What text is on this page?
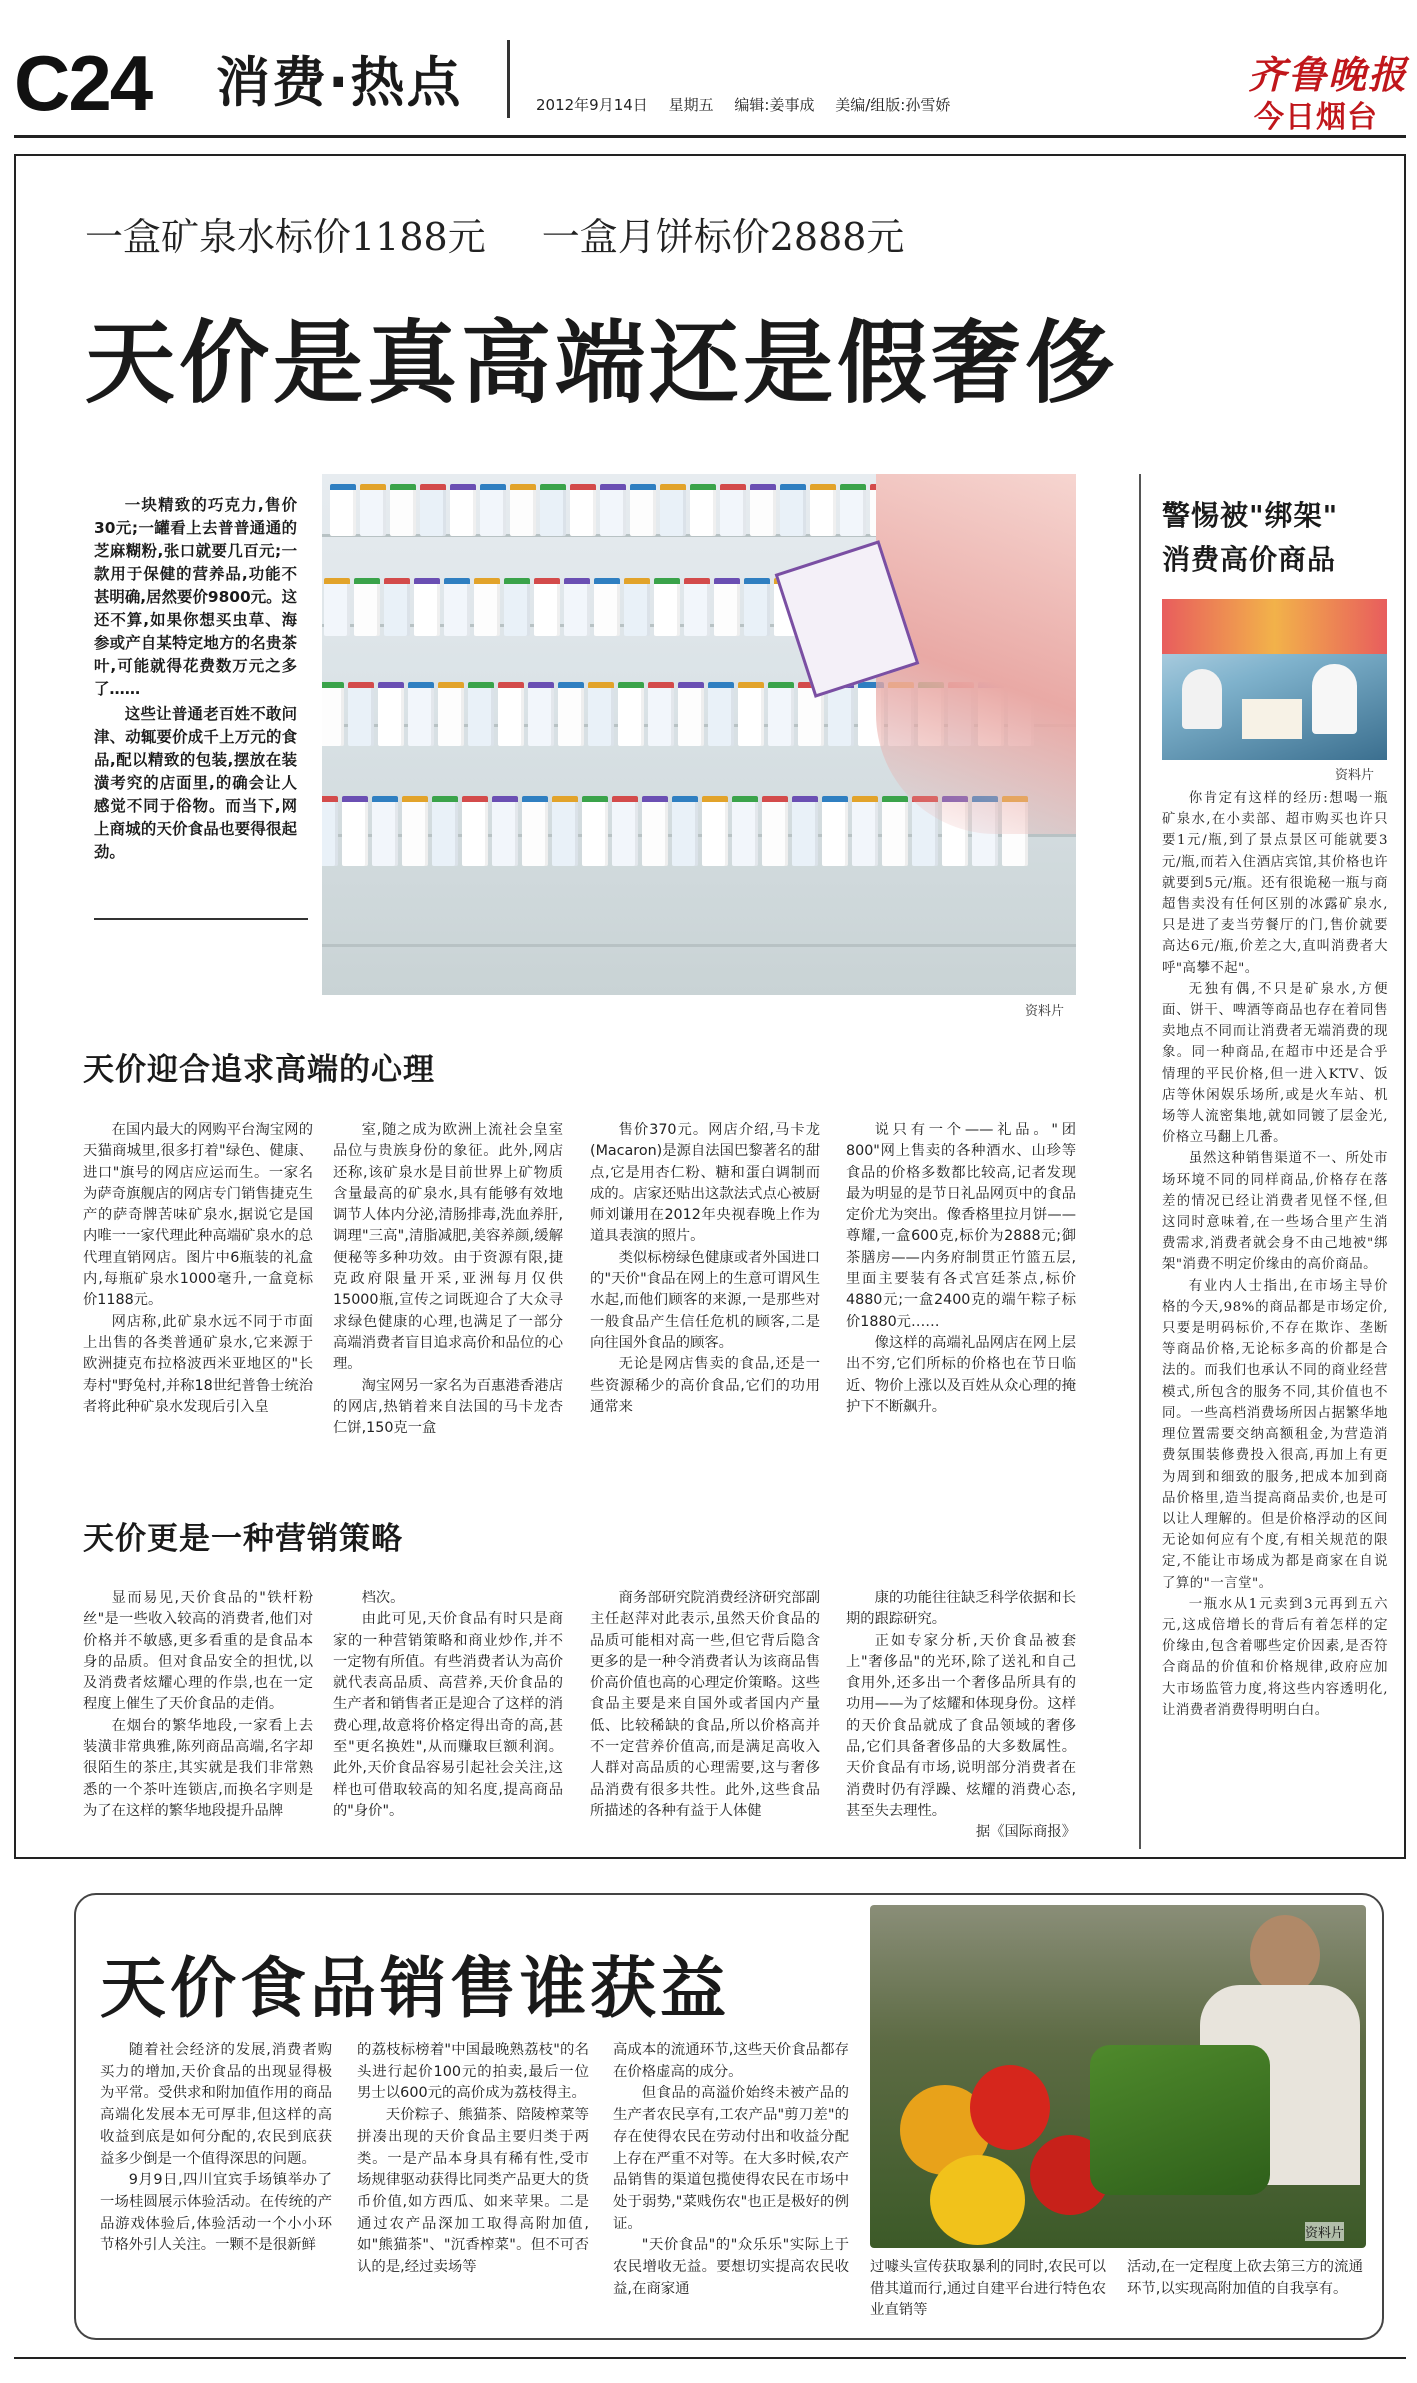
C24 消费·热点	2012年9月14日 星期五 编辑:姜事成 美编/组版:孙雪娇
齐鲁晚报
今日烟台
一盒矿泉水标价1188元 一盒月饼标价2888元
天价是真高端还是假奢侈

一块精致的巧克力,售价30元;一罐看上去普普通通的芝麻糊粉,张口就要几百元;一款用于保健的营养品,功能不甚明确,居然要价9800元。这还不算,如果你想买虫草、海参或产自某特定地方的名贵茶叶,可能就得花费数万元之多了……

这些让普通老百姓不敢问津、动辄要价成千上万元的食品,配以精致的包装,摆放在装潢考究的店面里,的确会让人感觉不同于俗物。而当下,网上商城的天价食品也要得很起劲。

资料片
天价迎合追求高端的心理

在国内最大的网购平台淘宝网的天猫商城里,很多打着"绿色、健康、进口"旗号的网店应运而生。一家名为萨奇旗舰店的网店专门销售捷克生产的萨奇牌苦味矿泉水,据说它是国内唯一一家代理此种高端矿泉水的总代理直销网店。图片中6瓶装的礼盒内,每瓶矿泉水1000毫升,一盒竟标价1188元。

网店称,此矿泉水远不同于市面上出售的各类普通矿泉水,它来源于欧洲捷克布拉格波西米亚地区的"长寿村"野兔村,并称18世纪普鲁士统治者将此种矿泉水发现后引入皇

室,随之成为欧洲上流社会皇室品位与贵族身份的象征。此外,网店还称,该矿泉水是目前世界上矿物质含量最高的矿泉水,具有能够有效地调节人体内分泌,清肠排毒,洗血养肝,调理"三高",清脂减肥,美容养颜,缓解便秘等多种功效。由于资源有限,捷克政府限量开采,亚洲每月仅供15000瓶,宣传之词既迎合了大众寻求绿色健康的心理,也满足了一部分高端消费者盲目追求高价和品位的心理。

淘宝网另一家名为百惠港香港店的网店,热销着来自法国的马卡龙杏仁饼,150克一盒

售价370元。网店介绍,马卡龙(Macaron)是源自法国巴黎著名的甜点,它是用杏仁粉、糖和蛋白调制而成的。店家还贴出这款法式点心被厨师刘谦用在2012年央视春晚上作为道具表演的照片。

类似标榜绿色健康或者外国进口的"天价"食品在网上的生意可谓风生水起,而他们顾客的来源,一是那些对一般食品产生信任危机的顾客,二是向往国外食品的顾客。

无论是网店售卖的食品,还是一些资源稀少的高价食品,它们的功用通常来

说只有一个——礼品。"团800"网上售卖的各种酒水、山珍等食品的价格多数都比较高,记者发现最为明显的是节日礼品网页中的食品定价尤为突出。像香格里拉月饼——尊耀,一盒600克,标价为2888元;御茶膳房——内务府制贯正竹篮五层,里面主要装有各式宫廷茶点,标价4880元;一盒2400克的端午粽子标价1880元……

像这样的高端礼品网店在网上层出不穷,它们所标的价格也在节日临近、物价上涨以及百姓从众心理的掩护下不断飙升。

天价更是一种营销策略

显而易见,天价食品的"铁杆粉丝"是一些收入较高的消费者,他们对价格并不敏感,更多看重的是食品本身的品质。但对食品安全的担忧,以及消费者炫耀心理的作祟,也在一定程度上催生了天价食品的走俏。

在烟台的繁华地段,一家看上去装潢非常典雅,陈列商品高端,名字却很陌生的茶庄,其实就是我们非常熟悉的一个茶叶连锁店,而换名字则是为了在这样的繁华地段提升品牌

档次。

由此可见,天价食品有时只是商家的一种营销策略和商业炒作,并不一定物有所值。有些消费者认为高价就代表高品质、高营养,天价食品的生产者和销售者正是迎合了这样的消费心理,故意将价格定得出奇的高,甚至"更名换姓",从而赚取巨额利润。此外,天价食品容易引起社会关注,这样也可借取较高的知名度,提高商品的"身价"。

商务部研究院消费经济研究部副主任赵萍对此表示,虽然天价食品的品质可能相对高一些,但它背后隐含更多的是一种令消费者认为该商品售价高价值也高的心理定价策略。这些食品主要是来自国外或者国内产量低、比较稀缺的食品,所以价格高并不一定营养价值高,而是满足高收入人群对高品质的心理需要,这与奢侈品消费有很多共性。此外,这些食品所描述的各种有益于人体健

康的功能往往缺乏科学依据和长期的跟踪研究。

正如专家分析,天价食品被套上"奢侈品"的光环,除了送礼和自己食用外,还多出一个奢侈品所具有的功用——为了炫耀和体现身份。这样的天价食品就成了食品领域的奢侈品,它们具备奢侈品的大多数属性。天价食品有市场,说明部分消费者在消费时仍有浮躁、炫耀的消费心态,甚至失去理性。

据《国际商报》

警惕被"绑架"
消费高价商品
资料片

你肯定有这样的经历:想喝一瓶矿泉水,在小卖部、超市购买也许只要1元/瓶,到了景点景区可能就要3元/瓶,而若入住酒店宾馆,其价格也许就要到5元/瓶。还有很诡秘一瓶与商超售卖没有任何区别的冰露矿泉水,只是进了麦当劳餐厅的门,售价就要高达6元/瓶,价差之大,直叫消费者大呼"高攀不起"。

无独有偶,不只是矿泉水,方便面、饼干、啤酒等商品也存在着同售卖地点不同而让消费者无端消费的现象。同一种商品,在超市中还是合乎情理的平民价格,但一进入KTV、饭店等休闲娱乐场所,或是火车站、机场等人流密集地,就如同镀了层金光,价格立马翻上几番。

虽然这种销售渠道不一、所处市场环境不同的同样商品,价格存在落差的情况已经让消费者见怪不怪,但这同时意味着,在一些场合里产生消费需求,消费者就会身不由己地被"绑架"消费不明定价缘由的高价商品。

有业内人士指出,在市场主导价格的今天,98%的商品都是市场定价,只要是明码标价,不存在欺诈、垄断等商品价格,无论标多高的价都是合法的。而我们也承认不同的商业经营模式,所包含的服务不同,其价值也不同。一些高档消费场所因占据繁华地理位置需要交纳高额租金,为营造消费氛围装修费投入很高,再加上有更为周到和细致的服务,把成本加到商品价格里,造当提高商品卖价,也是可以让人理解的。但是价格浮动的区间无论如何应有个度,有相关规范的限定,不能让市场成为都是商家在自说了算的"一言堂"。

一瓶水从1元卖到3元再到五六元,这成倍增长的背后有着怎样的定价缘由,包含着哪些定价因素,是否符合商品的价值和价格规律,政府应加大市场监管力度,将这些内容透明化,让消费者消费得明明白白。

天价食品销售谁获益
资料片

随着社会经济的发展,消费者购买力的增加,天价食品的出现显得极为平常。受供求和附加值作用的商品高端化发展本无可厚非,但这样的高收益到底是如何分配的,农民到底获益多少倒是一个值得深思的问题。

9月9日,四川宜宾手场镇举办了一场桂圆展示体验活动。在传统的产品游戏体验后,体验活动一个小小环节格外引人关注。一颗不是很新鲜

的荔枝标榜着"中国最晚熟荔枝"的名头进行起价100元的拍卖,最后一位男士以600元的高价成为荔枝得主。

天价粽子、熊猫茶、陪陵榨菜等拼凑出现的天价食品主要归类于两类。一是产品本身具有稀有性,受市场规律驱动获得比同类产品更大的货币价值,如方西瓜、如来苹果。二是通过农产品深加工取得高附加值,如"熊猫茶"、"沉香榨菜"。但不可否认的是,经过卖场等

高成本的流通环节,这些天价食品都存在价格虚高的成分。

但食品的高溢价始终未被产品的生产者农民享有,工农产品"剪刀差"的存在使得农民在劳动付出和收益分配上存在严重不对等。在大多时候,农产品销售的渠道包揽使得农民在市场中处于弱势,"菜贱伤农"也正是极好的例证。

"天价食品"的"众乐乐"实际上于农民增收无益。要想切实提高农民收益,在商家通

过噱头宣传获取暴利的同时,农民可以借其道而行,通过自建平台进行特色农业直销等

活动,在一定程度上砍去第三方的流通环节,以实现高附加值的自我享有。
